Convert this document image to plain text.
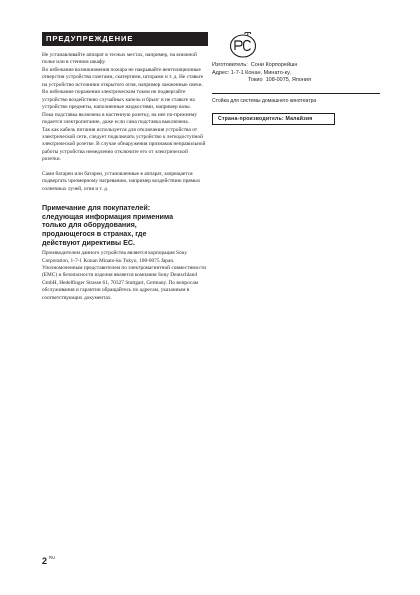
ПРЕДУПРЕЖДЕНИЕ

Не устанавливайте аппарат в тесных местах, например, на книжной полке или в стенном шкафу.
Во избежание возникновения пожара не накрывайте вентиляционные отверстия устройства газетами, скатертями, шторами и т. д. Не ставьте на устройство источники открытого огня, например зажженные свечи.
Во избежание поражения электрическим током не подвергайте устройство воздействию случайных капель и брызг и не ставьте на устройство предметы, наполненные жидкостями, например вазы.
Пока подставка включена в настенную розетку, на нее по-прежнему подается электропитание, даже если сама подставка выключена.
Так как кабель питания используется для отключения устройства от электрической сети, следует подключать устройство к легкодоступной электрической розетке. В случае обнаружения признаков неправильной работы устройства немедленно отключите его от электрической розетки.

Сами батареи или батареи, установленные в аппарат, запрещается подвергать чрезмерному нагреванию, например воздействию прямых солнечных лучей, огня и т. д.

Примечание для покупателей:
следующая информация применима
только для оборудования,
продающегося в странах, где
действуют директивы ЕС.

Производителем данного устройства является корпорация Sony Corporation, 1-7-1 Konan Minato-ku Tokyo, 108-0075 Japan. Уполномоченным представителем по электромагнитной совместимости (EMC) и безопасности изделия является компания Sony Deutschland GmbH, Hedelfinger Strasse 61, 70327 Stuttgart, Germany. По вопросам обслуживания и гарантии обращайтесь по адресам, указанным в соответствующих документах.

Изготовитель:  Сони Корпорейшн
Адрес: 1-7-1 Конан, Минато-ку,
Токио  108-0075, Япония
Стойка для системы домашнего кинотеатра
Страна-производитель: Малайзия
2 RU
